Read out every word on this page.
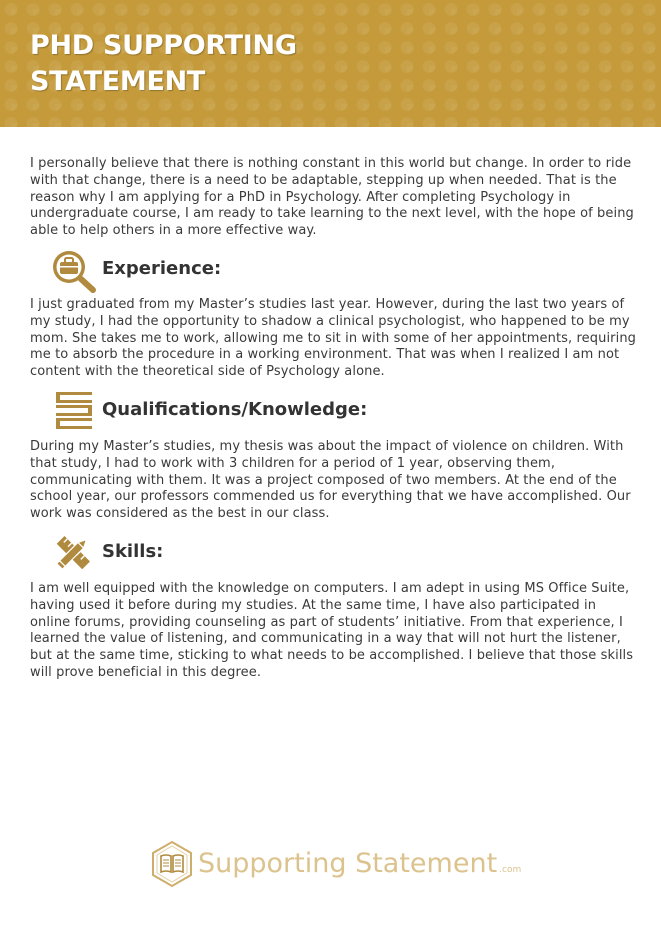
PHD SUPPORTING
STATEMENT

I personally believe that there is nothing constant in this world but change. In order to ride with that change, there is a need to be adaptable, stepping up when needed. That is the reason why I am applying for a PhD in Psychology. After completing Psychology in undergraduate course, I am ready to take learning to the next level, with the hope of being able to help others in a more effective way.

Experience:

I just graduated from my Master’s studies last year. However, during the last two years of my study, I had the opportunity to shadow a clinical psychologist, who happened to be my mom. She takes me to work, allowing me to sit in with some of her appointments, requiring me to absorb the procedure in a working environment. That was when I realized I am not content with the theoretical side of Psychology alone.

Qualifications/Knowledge:

During my Master’s studies, my thesis was about the impact of violence on children. With that study, I had to work with 3 children for a period of 1 year, observing them, communicating with them. It was a project composed of two members. At the end of the school year, our professors commended us for everything that we have accomplished. Our work was considered as the best in our class.

Skills:

I am well equipped with the knowledge on computers. I am adept in using MS Office Suite, having used it before during my studies. At the same time, I have also participated in online forums, providing counseling as part of students’ initiative. From that experience, I learned the value of listening, and communicating in a way that will not hurt the listener, but at the same time, sticking to what needs to be accomplished. I believe that those skills will prove beneficial in this degree.

Supporting Statement .com
